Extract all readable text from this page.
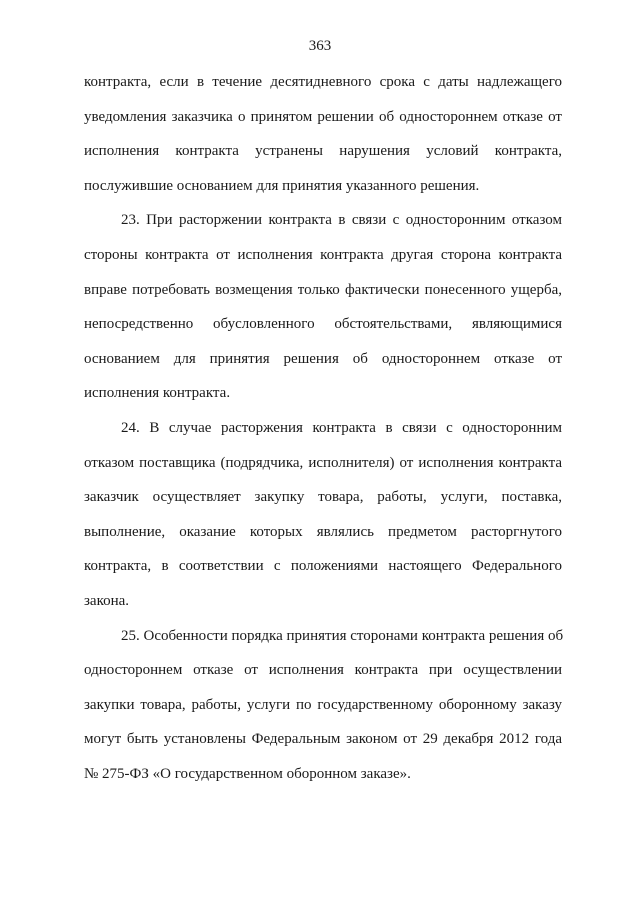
363
контракта, если в течение десятидневного срока с даты надлежащего
уведомления заказчика о принятом решении об одностороннем отказе от
исполнения контракта устранены нарушения условий контракта,
послужившие основанием для принятия указанного решения.
23. При расторжении контракта в связи с односторонним отказом
стороны контракта от исполнения контракта другая сторона контракта
вправе потребовать возмещения только фактически понесенного ущерба,
непосредственно обусловленного обстоятельствами, являющимися
основанием для принятия решения об одностороннем отказе от
исполнения контракта.
24. В случае расторжения контракта в связи с односторонним
отказом поставщика (подрядчика, исполнителя) от исполнения контракта
заказчик осуществляет закупку товара, работы, услуги, поставка,
выполнение, оказание которых являлись предметом расторгнутого
контракта, в соответствии с положениями настоящего Федерального
закона.
25. Особенности порядка принятия сторонами контракта решения об
одностороннем отказе от исполнения контракта при осуществлении
закупки товара, работы, услуги по государственному оборонному заказу
могут быть установлены Федеральным законом от 29 декабря 2012 года
№ 275-ФЗ «О государственном оборонном заказе».
